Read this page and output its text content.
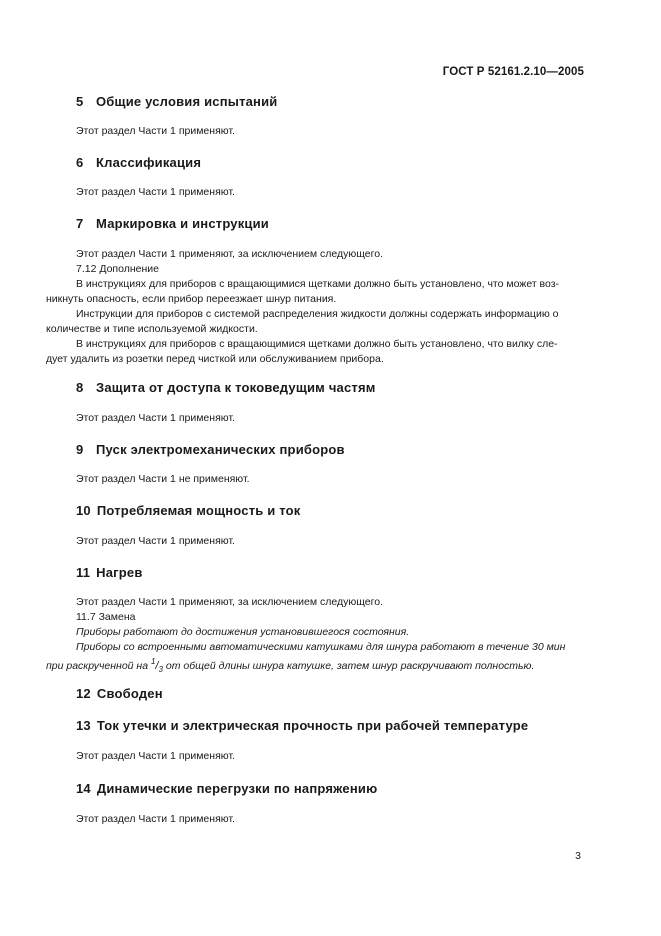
ГОСТ Р 52161.2.10—2005
5 Общие условия испытаний
Этот раздел Части 1 применяют.
6 Классификация
Этот раздел Части 1 применяют.
7 Маркировка и инструкции
Этот раздел Части 1 применяют, за исключением следующего.
7.12 Дополнение
В инструкциях для приборов с вращающимися щетками должно быть установлено, что может воз-
никнуть опасность, если прибор переезжает шнур питания.
Инструкции для приборов с системой распределения жидкости должны содержать информацию о
количестве и типе используемой жидкости.
В инструкциях для приборов с вращающимися щетками должно быть установлено, что вилку сле-
дует удалить из розетки перед чисткой или обслуживанием прибора.
8 Защита от доступа к токоведущим частям
Этот раздел Части 1 применяют.
9 Пуск электромеханических приборов
Этот раздел Части 1 не применяют.
10 Потребляемая мощность и ток
Этот раздел Части 1 применяют.
11 Нагрев
Этот раздел Части 1 применяют, за исключением следующего.
11.7 Замена
Приборы работают до достижения установившегося состояния.
Приборы со встроенными автоматическими катушками для шнура работают в течение 30 мин
при раскрученной на $^1/_3$ от общей длины шнура катушке, затем шнур раскручивают полностью.
12 Свободен
13 Ток утечки и электрическая прочность при рабочей температуре
Этот раздел Части 1 применяют.
14 Динамические перегрузки по напряжению
Этот раздел Части 1 применяют.
3
